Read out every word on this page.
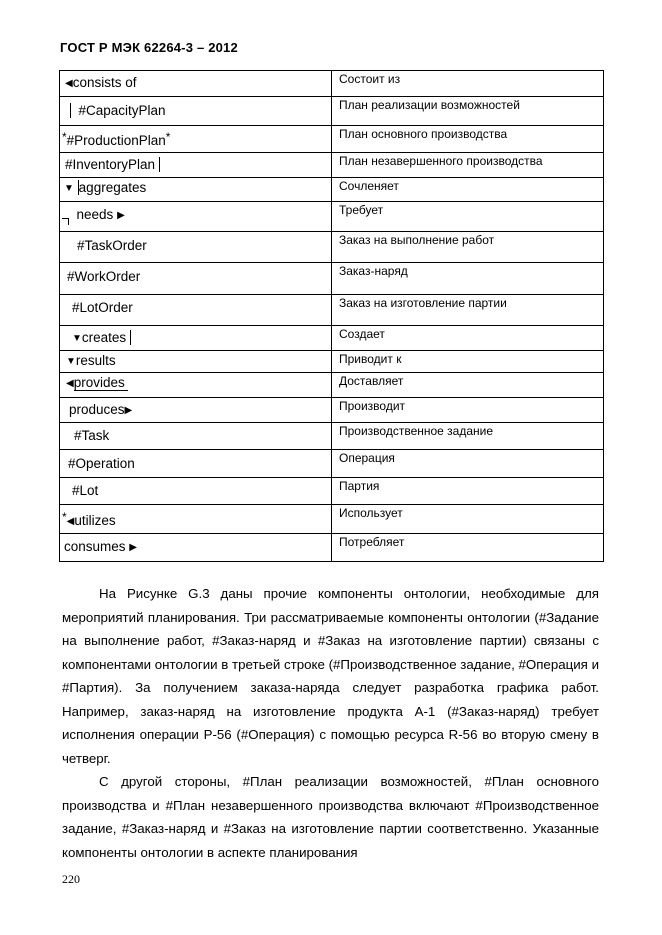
ГОСТ Р МЭК 62264-3 – 2012
◀consists of	Состоит из

#CapacityPlan	План реализации возможностей

*#ProductionPlan*	План основного производства

#InventoryPlan	План незавершенного производства

▼ aggregates	Сочленяет

needs ▶	Требует

#TaskOrder	Заказ на выполнение работ

#WorkOrder	Заказ-наряд

#LotOrder	Заказ на изготовление партии

▼creates	Создает

▼results	Приводит к

◀provides	Доставляет

produces▶	Производит

#Task	Производственное задание

#Operation	Операция

#Lot	Партия

*◀utilizes	Использует

consumes ▶	Потребляет

На Рисунке G.3 даны прочие компоненты онтологии, необходимые для мероприятий планирования. Три рассматриваемые компоненты онтологии (#Задание на выполнение работ, #Заказ-наряд и #Заказ на изготовление партии) связаны с компонентами онтологии в третьей строке (#Производственное задание, #Операция и #Партия). За получением заказа-наряда следует разработка графика работ. Например, заказ-наряд на изготовление продукта А-1 (#Заказ-наряд) требует исполнения операции Р-56 (#Операция) с помощью ресурса R-56 во вторую смену в четверг.

С другой стороны, #План реализации возможностей, #План основного производства и #План незавершенного производства включают #Производственное задание, #Заказ-наряд и #Заказ на изготовление партии соответственно. Указанные компоненты онтологии в аспекте планирования

220
